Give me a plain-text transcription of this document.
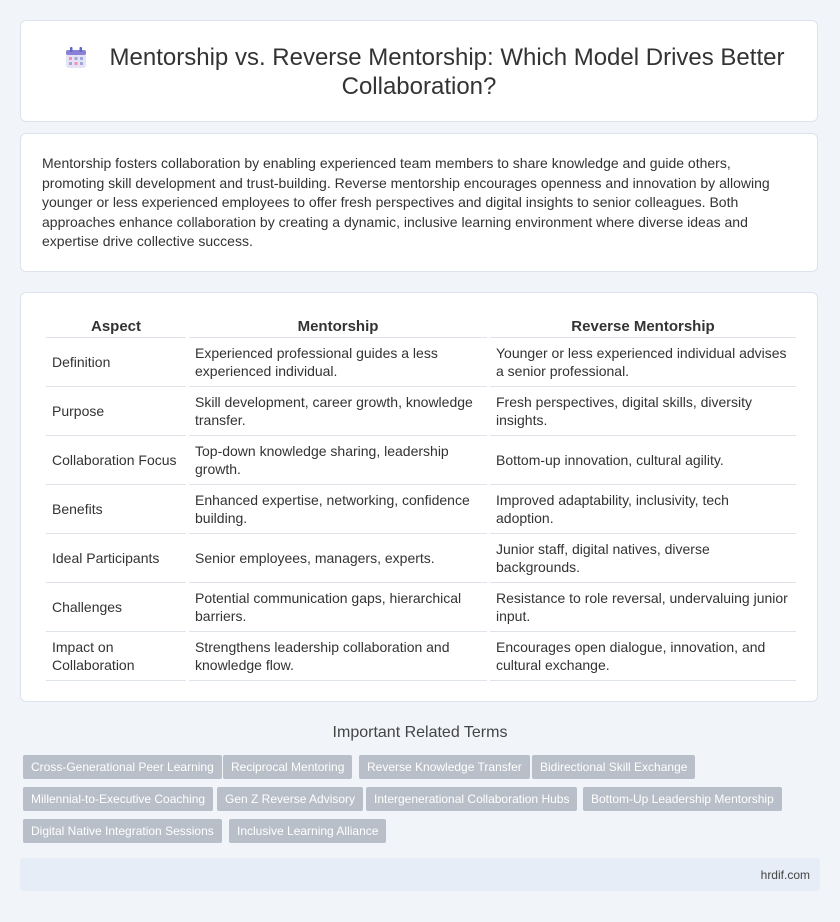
Mentorship vs. Reverse Mentorship: Which Model Drives Better
Collaboration?
Mentorship fosters collaboration by enabling experienced team members to share knowledge and guide others, promoting skill development and trust-building. Reverse mentorship encourages openness and innovation by allowing younger or less experienced employees to offer fresh perspectives and digital insights to senior colleagues. Both approaches enhance collaboration by creating a dynamic, inclusive learning environment where diverse ideas and expertise drive collective success.
Aspect	Mentorship	Reverse Mentorship
Definition	Experienced professional guides a less experienced individual.	Younger or less experienced individual advises a senior professional.
Purpose	Skill development, career growth, knowledge transfer.	Fresh perspectives, digital skills, diversity insights.
Collaboration Focus	Top-down knowledge sharing, leadership growth.	Bottom-up innovation, cultural agility.
Benefits	Enhanced expertise, networking, confidence building.	Improved adaptability, inclusivity, tech adoption.
Ideal Participants	Senior employees, managers, experts.	Junior staff, digital natives, diverse backgrounds.
Challenges	Potential communication gaps, hierarchical barriers.	Resistance to role reversal, undervaluing junior input.
Impact on Collaboration	Strengthens leadership collaboration and knowledge flow.	Encourages open dialogue, innovation, and cultural exchange.
Important Related Terms
Cross-Generational Peer Learning	Reciprocal Mentoring	Reverse Knowledge Transfer	Bidirectional Skill Exchange
Millennial-to-Executive Coaching	Gen Z Reverse Advisory	Intergenerational Collaboration Hubs	Bottom-Up Leadership Mentorship
Digital Native Integration Sessions	Inclusive Learning Alliance
hrdif.com
